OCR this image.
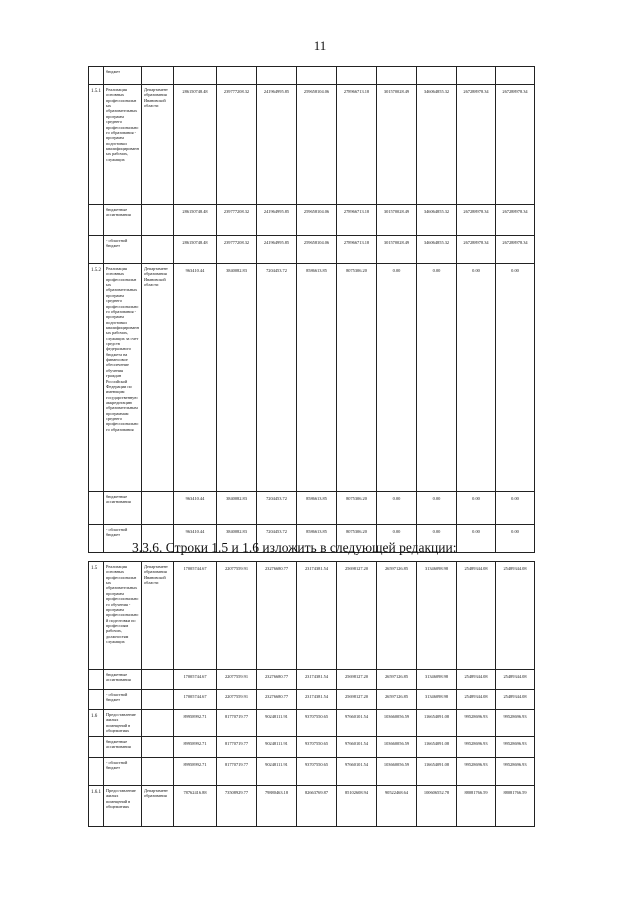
11
	бюджет										
1.5.1	Реализация основных профессиональных образовательных программ среднего профессионального образования - программ подготовки квалифицированных рабочих, служащих	Департамент образования Ивановской области	286150748.48	239777208.32	241964995.85	259658104.06	278966713.18	301570028.49	346064855.32	267288978.34	267288978.34
	бюджетные ассигнования		286150748.48	239777208.32	241964995.85	259658104.06	278966713.18	301570028.49	346064855.32	267288978.34	267288978.34
	- областной бюджет		286150748.48	239777208.32	241964995.85	259658104.06	278966713.18	301570028.49	346064855.32	267288978.34	267288978.34
1.5.2	Реализация основных профессиональных образовательных программ среднего профессионального образования - программ подготовки квалифицированных рабочих, служащих за счет средств федерального бюджета на финансовое обеспечение обучения граждан Российской Федерации по имеющим государственную аккредитацию образовательным программам среднего профессионального образования	Департамент образования Ивановской области	963410.44	3840082.83	7204453.72	8586613.85	8075306.20	0.00	0.00	0.00	0.00
	бюджетные ассигнования		963410.44	3840082.83	7204453.72	8586613.85	8075306.20	0.00	0.00	0.00	0.00
	- областной бюджет		963410.44	3840082.83	7204453.72	8586613.85	8075306.20	0.00	0.00	0.00	0.00
3.3.6. Строки 1.5 и 1.6 изложить в следующей редакции:
1.5	Реализация основных профессиональных образовательных программ профессионального обучения - программ профессиональной подготовки по профессиям рабочих, должностям служащих	Департамент образования Ивановской области	17005744.67	22077559.91	23276680.77	23174381.54	25698127.20	26597126.85	31346098.98	25489344.08	25489344.08
	бюджетные ассигнования		17005744.67	22077559.91	23276680.77	23174381.54	25698127.20	26597126.85	31346098.98	25489344.08	25489344.08
	- областной бюджет		17005744.67	22077559.91	23276680.77	23174381.54	25698127.20	26597126.85	31346098.98	25489344.08	25489344.08
1.6	Предоставление жилых помещений в общежитиях		89958992.71	81770719.77	90248111.91	93707550.65	97660101.54	103660056.59	116654091.08	99528696.93	99528696.93
	бюджетные ассигнования		89958992.71	81770719.77	90248111.91	93707550.65	97660101.54	103660056.59	116654091.08	99528696.93	99528696.93
	- областной бюджет		89958992.71	81770719.77	90248111.91	93707550.65	97660101.54	103660056.59	116654091.08	99528696.93	99528696.93
1.6.1	Предоставление жилых помещений в общежитиях	Департамент образования	78762416.88	73508929.77	79880463.18	82663769.87	85102608.94	90522468.64	100606552.78	88081766.59	88081766.59
